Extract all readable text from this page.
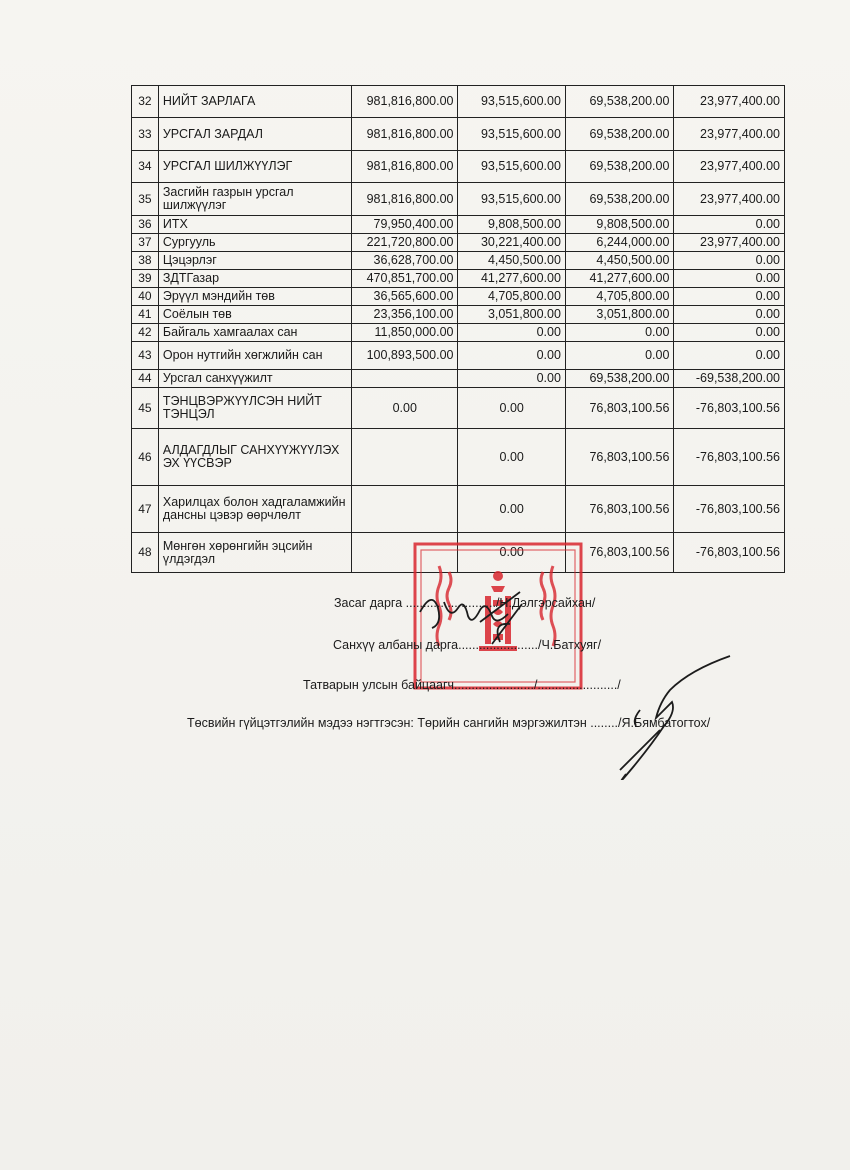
32	НИЙТ ЗАРЛАГА	981,816,800.00	93,515,600.00	69,538,200.00	23,977,400.00
33	УРСГАЛ ЗАРДАЛ	981,816,800.00	93,515,600.00	69,538,200.00	23,977,400.00
34	УРСГАЛ ШИЛЖҮҮЛЭГ	981,816,800.00	93,515,600.00	69,538,200.00	23,977,400.00
35	Засгийн газрын урсгал шилжүүлэг	981,816,800.00	93,515,600.00	69,538,200.00	23,977,400.00
36	ИТХ	79,950,400.00	9,808,500.00	9,808,500.00	0.00
37	Сургууль	221,720,800.00	30,221,400.00	6,244,000.00	23,977,400.00
38	Цэцэрлэг	36,628,700.00	4,450,500.00	4,450,500.00	0.00
39	ЗДТГазар	470,851,700.00	41,277,600.00	41,277,600.00	0.00
40	Эрүүл мэндийн төв	36,565,600.00	4,705,800.00	4,705,800.00	0.00
41	Соёлын төв	23,356,100.00	3,051,800.00	3,051,800.00	0.00
42	Байгаль хамгаалах сан	11,850,000.00	0.00	0.00	0.00
43	Орон нутгийн хөгжлийн сан	100,893,500.00	0.00	0.00	0.00
44	Урсгал санхүүжилт		0.00	69,538,200.00	-69,538,200.00
45	ТЭНЦВЭРЖҮҮЛСЭН НИЙТ ТЭНЦЭЛ	0.00	0.00	76,803,100.56	-76,803,100.56
46	АЛДАГДЛЫГ САНХҮҮЖҮҮЛЭХ ЭХ ҮҮСВЭР		0.00	76,803,100.56	-76,803,100.56
47	Харилцах болон хадгаламжийн дансны цэвэр өөрчлөлт		0.00	76,803,100.56	-76,803,100.56
48	Мөнгөн хөрөнгийн эцсийн үлдэгдэл		0.00	76,803,100.56	-76,803,100.56
Засаг дарга ........................../Н.Дэлгэрсайхан/
Санхүү албаны дарга......................./Ч.Батхуяг/
Татварын улсын байцаагч......................./......................./
Төсвийн гүйцэтгэлийн мэдээ нэгтгэсэн: Төрийн сангийн мэргэжилтэн ......../Я.Бямбатогтох/
